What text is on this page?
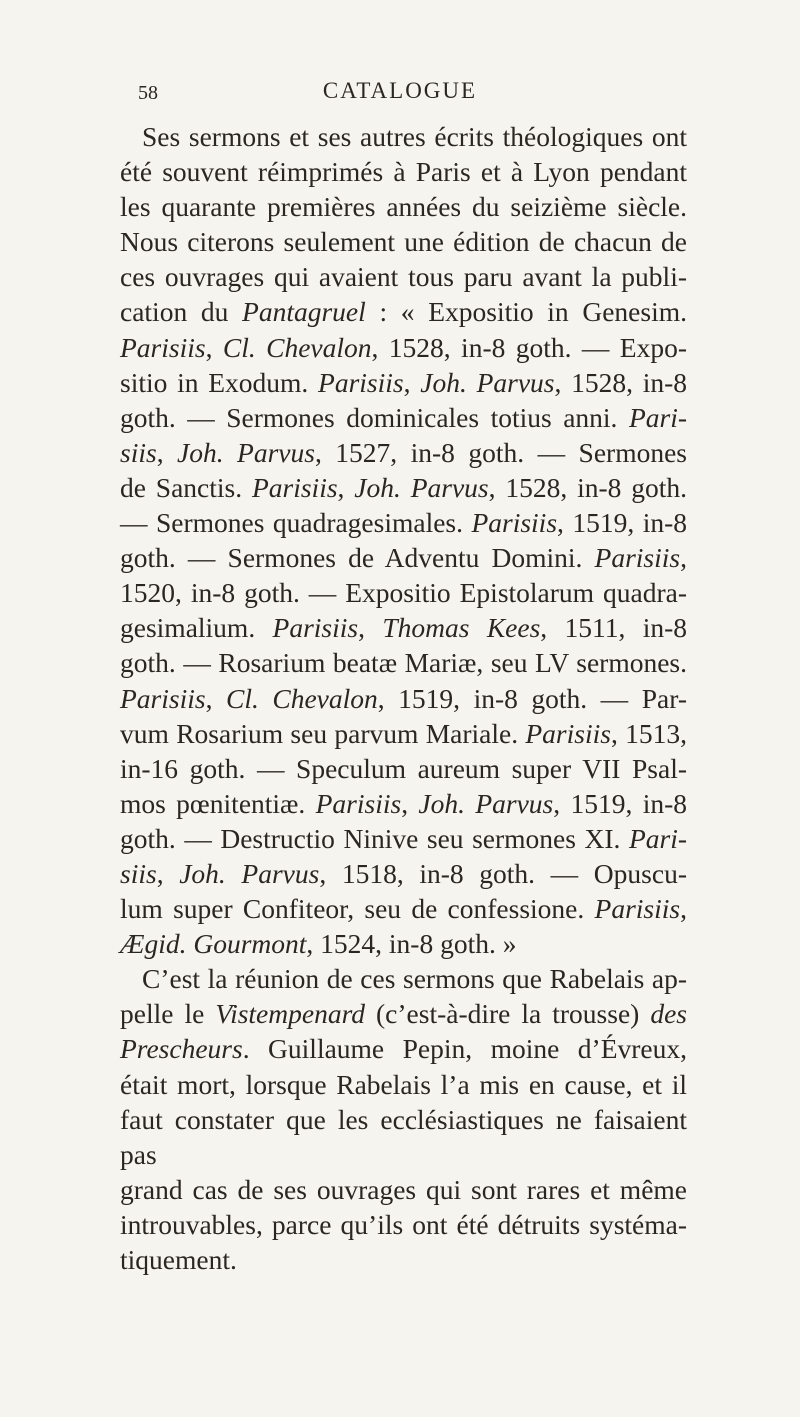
58	CATALOGUE

Ses sermons et ses autres écrits théologiques ont

été souvent réimprimés à Paris et à Lyon pendant

les quarante premières années du seizième siècle.

Nous citerons seulement une édition de chacun de

ces ouvrages qui avaient tous paru avant la publi-

cation du Pantagruel : « Expositio in Genesim.

Parisiis, Cl. Chevalon, 1528, in-8 goth. — Expo-

sitio in Exodum. Parisiis, Joh. Parvus, 1528, in-8

goth. — Sermones dominicales totius anni. Pari-

siis, Joh. Parvus, 1527, in-8 goth. — Sermones

de Sanctis. Parisiis, Joh. Parvus, 1528, in-8 goth.

— Sermones quadragesimales. Parisiis, 1519, in-8

goth. — Sermones de Adventu Domini. Parisiis,

1520, in-8 goth. — Expositio Epistolarum quadra-

gesimalium. Parisiis, Thomas Kees, 1511, in-8

goth. — Rosarium beatæ Mariæ, seu LV sermones.

Parisiis, Cl. Chevalon, 1519, in-8 goth. — Par-

vum Rosarium seu parvum Mariale. Parisiis, 1513,

in-16 goth. — Speculum aureum super VII Psal-

mos pœnitentiæ. Parisiis, Joh. Parvus, 1519, in-8

goth. — Destructio Ninive seu sermones XI. Pari-

siis, Joh. Parvus, 1518, in-8 goth. — Opuscu-

lum super Confiteor, seu de confessione. Parisiis,

Ægid. Gourmont, 1524, in-8 goth. »

C’est la réunion de ces sermons que Rabelais ap-

pelle le Vistempenard (c’est-à-dire la trousse) des

Prescheurs. Guillaume Pepin, moine d’Évreux,

était mort, lorsque Rabelais l’a mis en cause, et il

faut constater que les ecclésiastiques ne faisaient pas

grand cas de ses ouvrages qui sont rares et même

introuvables, parce qu’ils ont été détruits systéma-

tiquement.
